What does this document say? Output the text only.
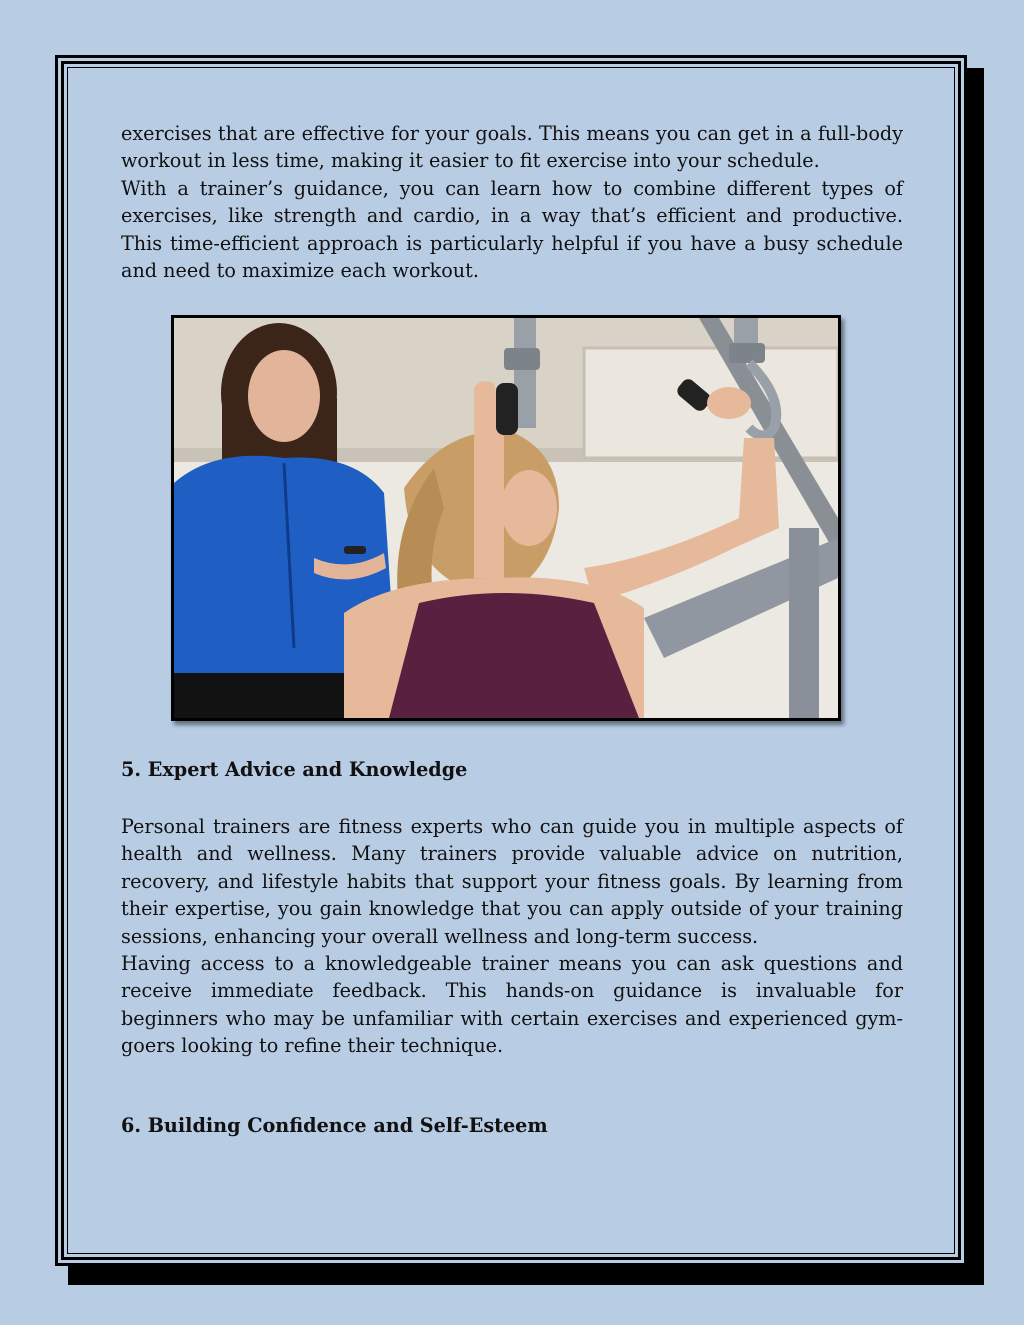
exercises that are effective for your goals. This means you can get in a full-body workout in less time, making it easier to fit exercise into your schedule.

With a trainer’s guidance, you can learn how to combine different types of exercises, like strength and cardio, in a way that’s efficient and productive. This time-efficient approach is particularly helpful if you have a busy schedule and need to maximize each workout.

5. Expert Advice and Knowledge

Personal trainers are fitness experts who can guide you in multiple aspects of health and wellness. Many trainers provide valuable advice on nutrition, recovery, and lifestyle habits that support your fitness goals. By learning from their expertise, you gain knowledge that you can apply outside of your training sessions, enhancing your overall wellness and long-term success.

Having access to a knowledgeable trainer means you can ask questions and receive immediate feedback. This hands-on guidance is invaluable for beginners who may be unfamiliar with certain exercises and experienced gym-goers looking to refine their technique.

6. Building Confidence and Self-Esteem
